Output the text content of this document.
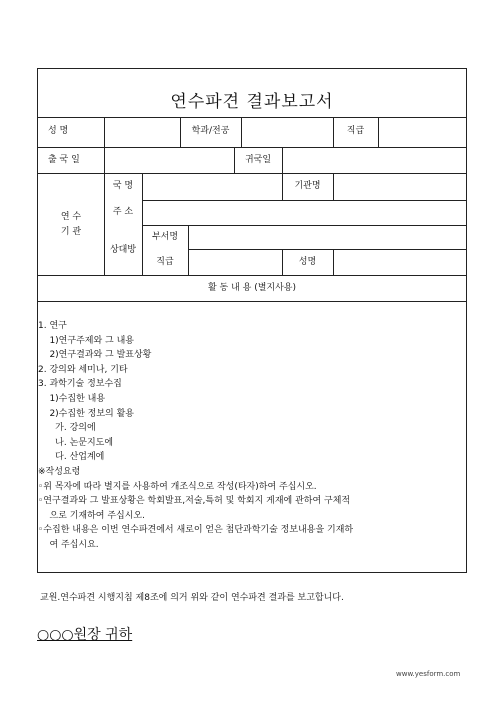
연수파견 결과보고서
성 명	학과/전공	직급
출 국 일	귀국일
연 수
기 관
국 명	기관명
주 소
상대방
부서명
직급	성명
활 동 내 용 (별지사용)
1. 연구
1)연구주제와 그 내용
2)연구결과와 그 발표상황
2. 강의와 세미나, 기타
3. 과학기술 정보수집
1)수집한 내용
2)수집한 정보의 활용
가. 강의에
나. 논문지도에
다. 산업계에
※작성요령
◦위 목자에 따라 별지를 사용하여 개조식으로 작성(타자)하여 주십시오.
◦연구결과와 그 발표상황은 학회발표,저술,특허 및 학회지 게재에 관하여 구체적
으로 기재하여 주십시오.
◦수집한 내용은 이번 연수파견에서 새로이 얻은 첨단과학기술 정보내용을 기재하
여 주십시요.
교원.연수파견 시행지침 제8조에 의거 위와 같이 연수파견 결과를 보고합니다.
○○○원장 귀하
www.yesform.com
